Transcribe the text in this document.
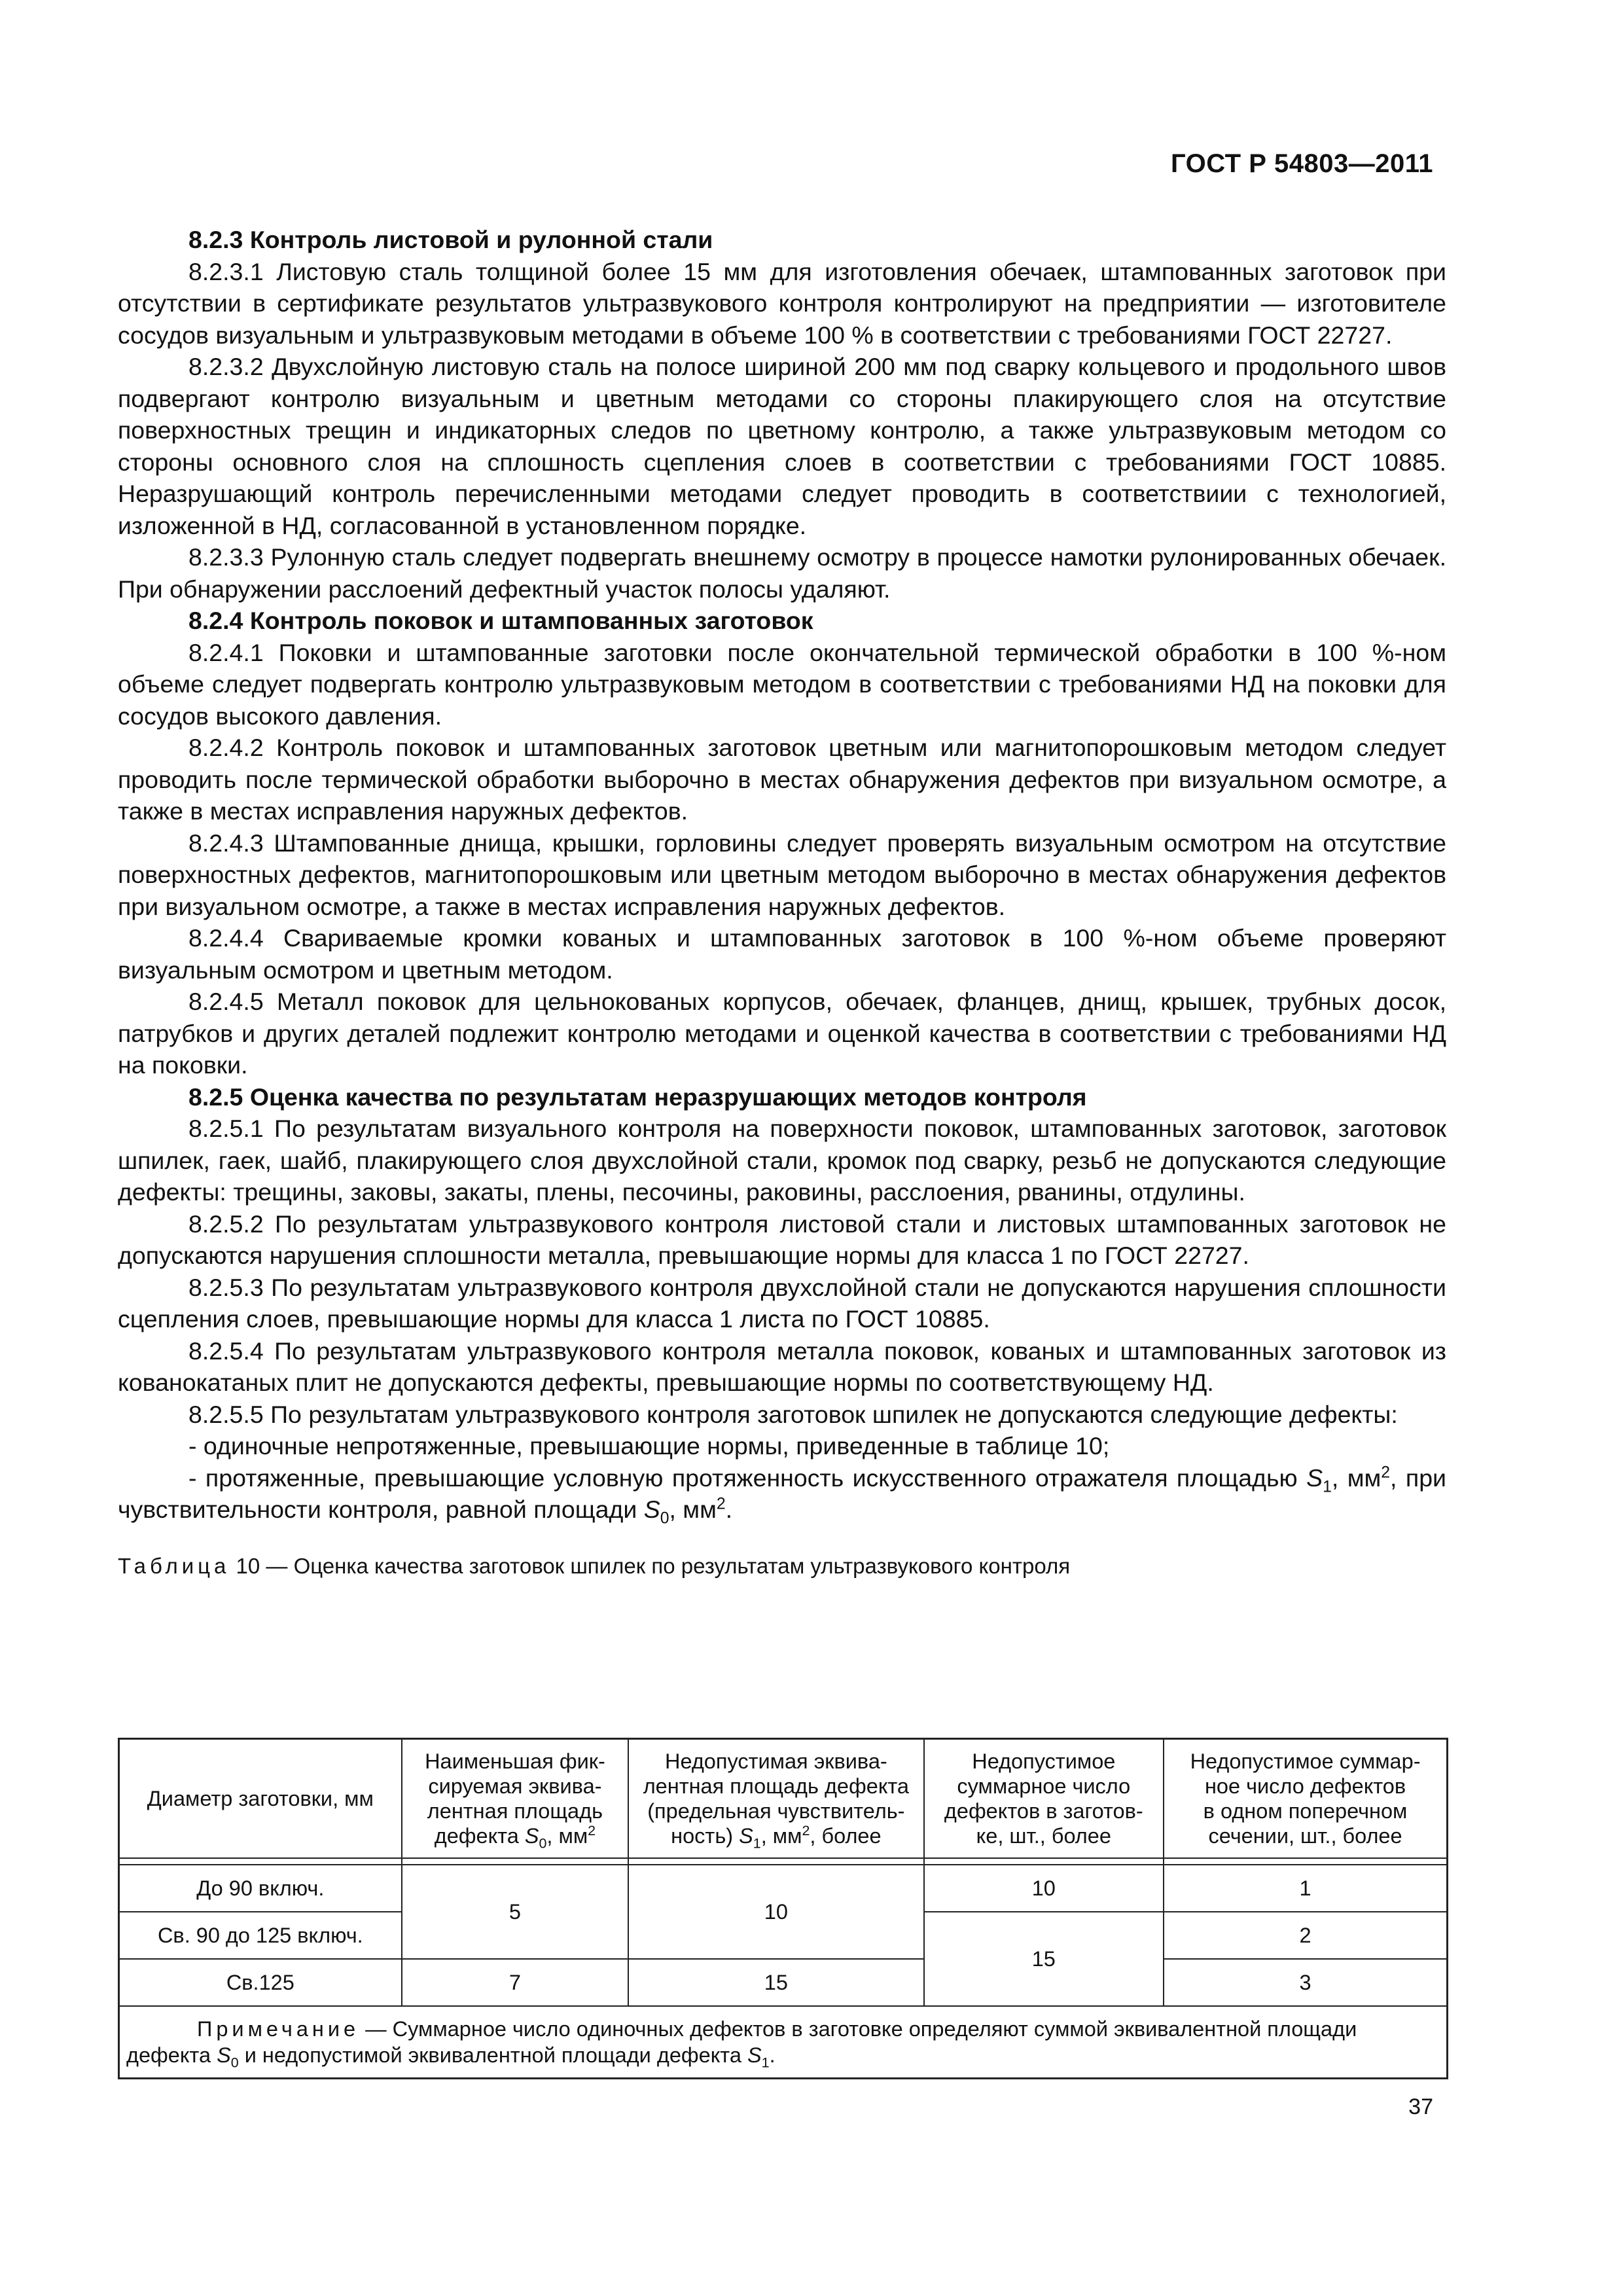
ГОСТ Р 54803—2011

8.2.3 Контроль листовой и рулонной стали

8.2.3.1 Листовую сталь толщиной более 15 мм для изготовления обечаек, штампованных заготовок при отсутствии в сертификате результатов ультразвукового контроля контролируют на предприятии — изготовителе сосудов визуальным и ультразвуковым методами в объеме 100 % в соответствии с требованиями ГОСТ 22727.

8.2.3.2 Двухслойную листовую сталь на полосе шириной 200 мм под сварку кольцевого и продольного швов подвергают контролю визуальным и цветным методами со стороны плакирующего слоя на отсутствие поверхностных трещин и индикаторных следов по цветному контролю, а также ультразвуковым методом со стороны основного слоя на сплошность сцепления слоев в соответствии с требованиями ГОСТ 10885. Неразрушающий контроль перечисленными методами следует проводить в соответствиии с технологией, изложенной в НД, согласованной в установленном порядке.

8.2.3.3 Рулонную сталь следует подвергать внешнему осмотру в процессе намотки рулонированных обечаек. При обнаружении расслоений дефектный участок полосы удаляют.

8.2.4 Контроль поковок и штампованных заготовок

8.2.4.1 Поковки и штампованные заготовки после окончательной термической обработки в 100 %-ном объеме следует подвергать контролю ультразвуковым методом в соответствии с требованиями НД на поковки для сосудов высокого давления.

8.2.4.2 Контроль поковок и штампованных заготовок цветным или магнитопорошковым методом следует проводить после термической обработки выборочно в местах обнаружения дефектов при визуальном осмотре, а также в местах исправления наружных дефектов.

8.2.4.3 Штампованные днища, крышки, горловины следует проверять визуальным осмотром на отсутствие поверхностных дефектов, магнитопорошковым или цветным методом выборочно в местах обнаружения дефектов при визуальном осмотре, а также в местах исправления наружных дефектов.

8.2.4.4 Свариваемые кромки кованых и штампованных заготовок в 100 %-ном объеме проверяют визуальным осмотром и цветным методом.

8.2.4.5 Металл поковок для цельнокованых корпусов, обечаек, фланцев, днищ, крышек, трубных досок, патрубков и других деталей подлежит контролю методами и оценкой качества в соответствии с требованиями НД на поковки.

8.2.5 Оценка качества по результатам неразрушающих методов контроля

8.2.5.1 По результатам визуального контроля на поверхности поковок, штампованных заготовок, заготовок шпилек, гаек, шайб, плакирующего слоя двухслойной стали, кромок под сварку, резьб не допускаются следующие дефекты: трещины, заковы, закаты, плены, песочины, раковины, расслоения, рванины, отдулины.

8.2.5.2 По результатам ультразвукового контроля листовой стали и листовых штампованных заготовок не допускаются нарушения сплошности металла, превышающие нормы для класса 1 по ГОСТ 22727.

8.2.5.3 По результатам ультразвукового контроля двухслойной стали не допускаются нарушения сплошности сцепления слоев, превышающие нормы для класса 1 листа по ГОСТ 10885.

8.2.5.4 По результатам ультразвукового контроля металла поковок, кованых и штампованных заготовок из кованокатаных плит не допускаются дефекты, превышающие нормы по соответствующему НД.

8.2.5.5 По результатам ультразвукового контроля заготовок шпилек не допускаются следующие дефекты:

- одиночные непротяженные, превышающие нормы, приведенные в таблице 10;

- протяженные, превышающие условную протяженность искусственного отражателя площадью $S_1$, $мм^2$, при чувствительности контроля, равной площади $S_0$, $мм^2$.

Таблица 10 — Оценка качества заготовок шпилек по результатам ультразвукового контроля

Диаметр заготовки, мм	Наименьшая фик-
сируемая эквива-
лентная площадь
дефекта $S_0$, $мм^2$	Недопустимая эквива-
лентная площадь дефекта
(предельная чувствитель-
ность) $S_1$, $мм^2$, более	Недопустимое
суммарное число
дефектов в заготов-
ке, шт., более	Недопустимое суммар-
ное число дефектов
в одном поперечном
сечении, шт., более

До 90 включ.	5	10	10	1
Св. 90 до 125 включ.			15	2
Св.125	7	15		3
Примечание — Суммарное число одиночных дефектов в заготовке определяют суммой эквивалентной площади дефекта $S_0$ и недопустимой эквивалентной площади дефекта $S_1$.				
37
